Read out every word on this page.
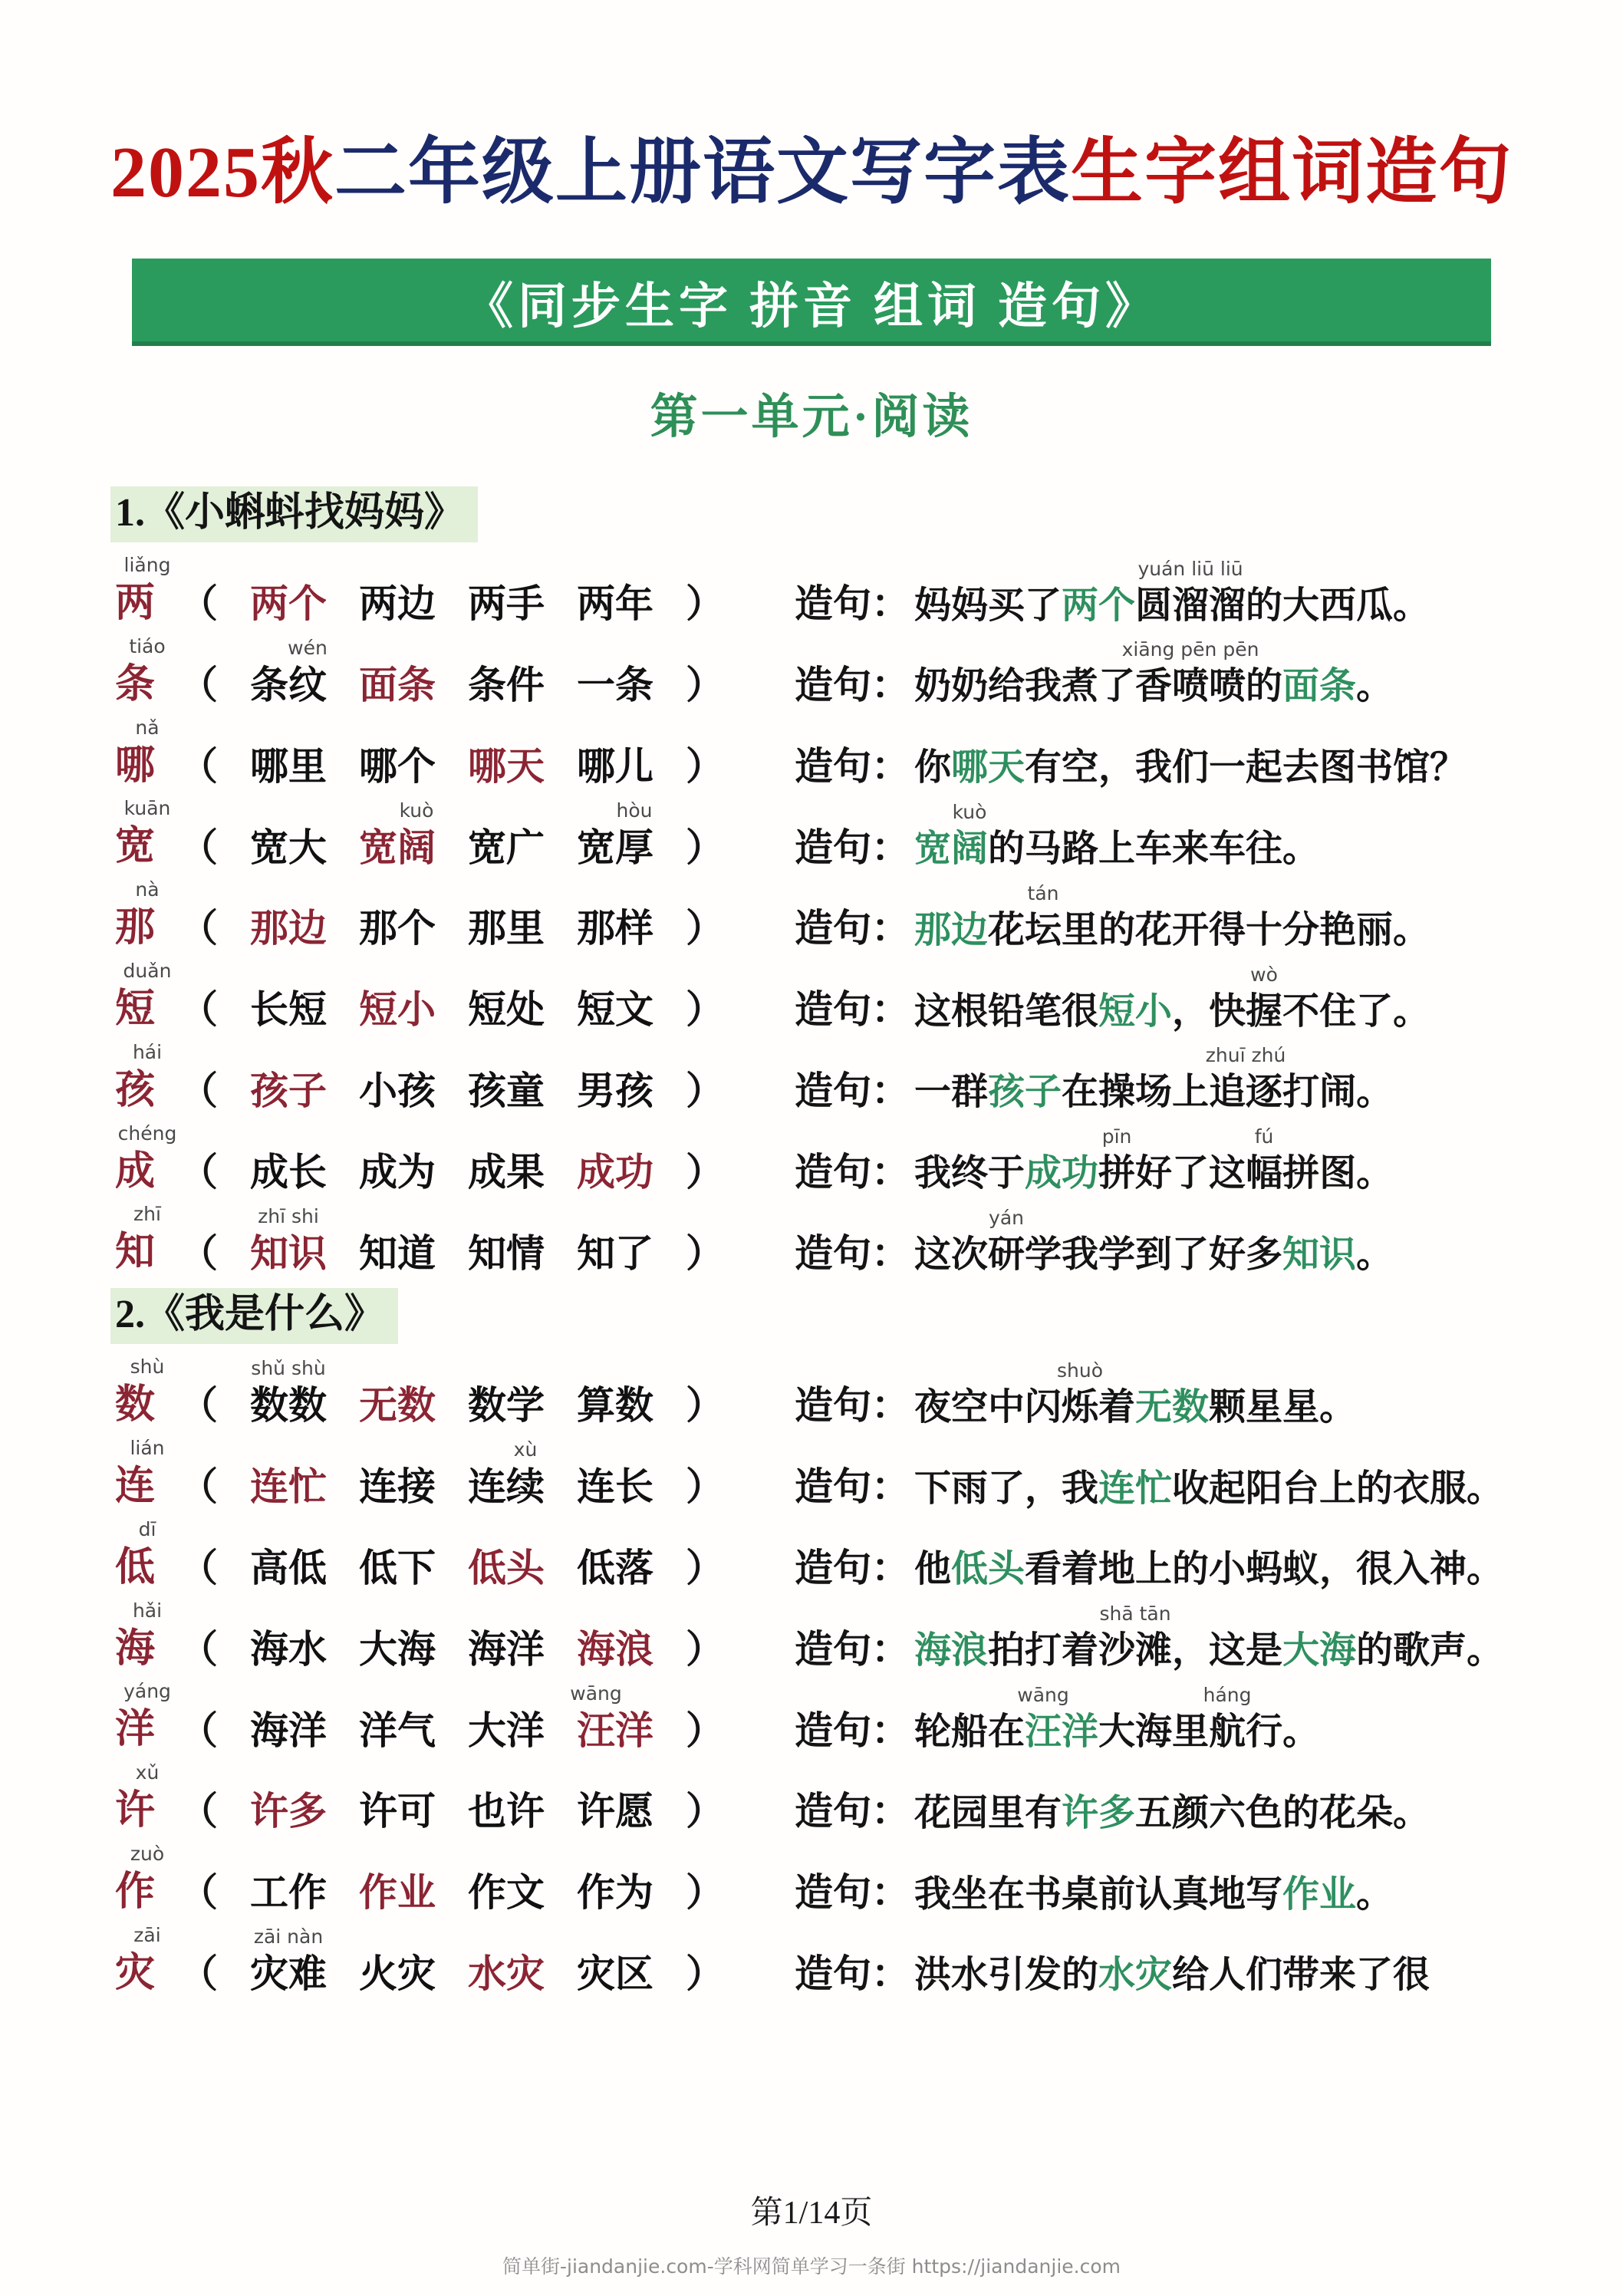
2025秋二年级上册语文写字表生字组词造句
《同步生字 拼音 组词 造句》
第一单元·阅读
1.《小蝌蚪找妈妈》
两
liǎng
（ 两个 两边 两手 两年 ） 造句： 妈妈买了两个圆溜溜
yuán liū liū
的大西瓜。
条
tiáo
（ 条纹
wén
面条 条件 一条 ） 造句： 奶奶给我煮了香喷喷
xiāng pēn pēn
的面条。
哪
nǎ
（ 哪里 哪个 哪天 哪儿 ） 造句： 你哪天有空，我们一起去图书馆？
宽
kuān
（ 宽大 宽阔
kuò
宽广 宽厚
hòu
） 造句： 宽阔
kuò
的马路上车来车往。
那
nà
（ 那边 那个 那里 那样 ） 造句： 那边花坛
tán
里的花开得十分艳丽。
短
duǎn
（ 长短 短小 短处 短文 ） 造句： 这根铅笔很短小，快握
wò
不住了。
孩
hái
（ 孩子 小孩 孩童 男孩 ） 造句： 一群孩子在操场上追逐
zhuī zhú
打闹。
成
chéng
（ 成长 成为 成果 成功 ） 造句： 我终于成功拼
pīn
好了这幅
fú
拼图。
知
zhī
（ 知识
zhī shi
知道 知情 知了 ） 造句： 这次研
yán
学我学到了好多知识。
2.《我是什么》
数
shù
（ 数数
shǔ shù
无数 数学 算数 ） 造句： 夜空中闪烁
shuò
着无数颗星星。
连
lián
（ 连忙 连接 连续
xù
连长 ） 造句： 下雨了，我连忙收起阳台上的衣服。
低
dī
（ 高低 低下 低头 低落 ） 造句： 他低头看着地上的小蚂蚁，很入神。
海
hǎi
（ 海水 大海 海洋 海浪 ） 造句： 海浪拍打着沙滩
shā tān
，这是大海的歌声。
洋
yáng
（ 海洋 洋气 大洋 汪
wāng
洋 ） 造句： 轮船在汪
wāng
洋大海里航
háng
行。
许
xǔ
（ 许多 许可 也许 许愿 ） 造句： 花园里有许多五颜六色的花朵。
作
zuò
（ 工作 作业 作文 作为 ） 造句： 我坐在书桌前认真地写作业。
灾
zāi
（ 灾难
zāi nàn
火灾 水灾 灾区 ） 造句： 洪水引发的水灾给人们带来了很
第1/14页
简单街-jiandanjie.com-学科网简单学习一条街 https://jiandanjie.com
